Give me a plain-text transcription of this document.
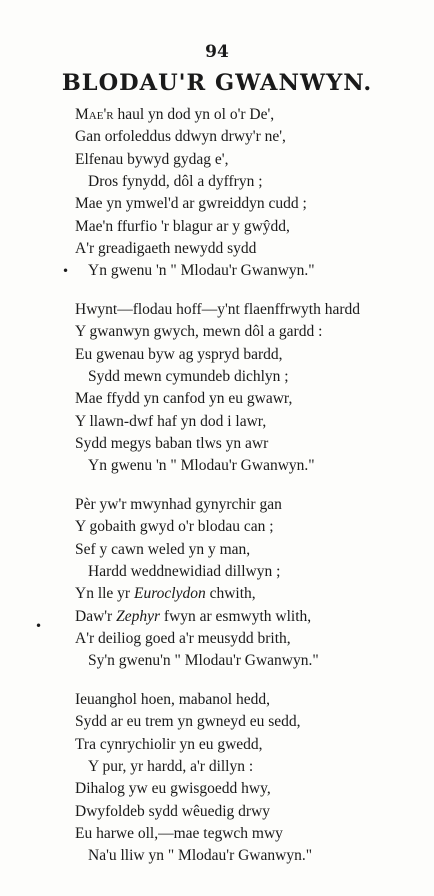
94
BLODAU'R GWANWYN.
Mae'r haul yn dod yn ol o'r De',
Gan orfoleddus ddwyn drwy'r ne',
Elfenau bywyd gydag e',
Dros fynydd, dôl a dyffryn ;
Mae yn ymwel'd ar gwreiddyn cudd ;
Mae'n ffurfio 'r blagur ar y gwŷdd,
A'r greadigaeth newydd sydd
Yn gwenu 'n " Mlodau'r Gwanwyn."
Hwynt—flodau hoff—y'nt flaenffrwyth hardd
Y gwanwyn gwych, mewn dôl a gardd :
Eu gwenau byw ag yspryd bardd,
Sydd mewn cymundeb dichlyn ;
Mae ffydd yn canfod yn eu gwawr,
Y llawn-dwf haf yn dod i lawr,
Sydd megys baban tlws yn awr
Yn gwenu 'n " Mlodau'r Gwanwyn."
Pèr yw'r mwynhad gynyrchir gan
Y gobaith gwyd o'r blodau can ;
Sef y cawn weled yn y man,
Hardd weddnewidiad dillwyn ;
Yn lle yr Euroclydon chwith,
Daw'r Zephyr fwyn ar esmwyth wlith,
A'r deiliog goed a'r meusydd brith,
Sy'n gwenu'n " Mlodau'r Gwanwyn."
Ieuanghol hoen, mabanol hedd,
Sydd ar eu trem yn gwneyd eu sedd,
Tra cynrychiolir yn eu gwedd,
Y pur, yr hardd, a'r dillyn :
Dihalog yw eu gwisgoedd hwy,
Dwyfoldeb sydd wêuedig drwy
Eu harwe oll,—mae tegwch mwy
Na'u lliw yn " Mlodau'r Gwanwyn."
•
•
